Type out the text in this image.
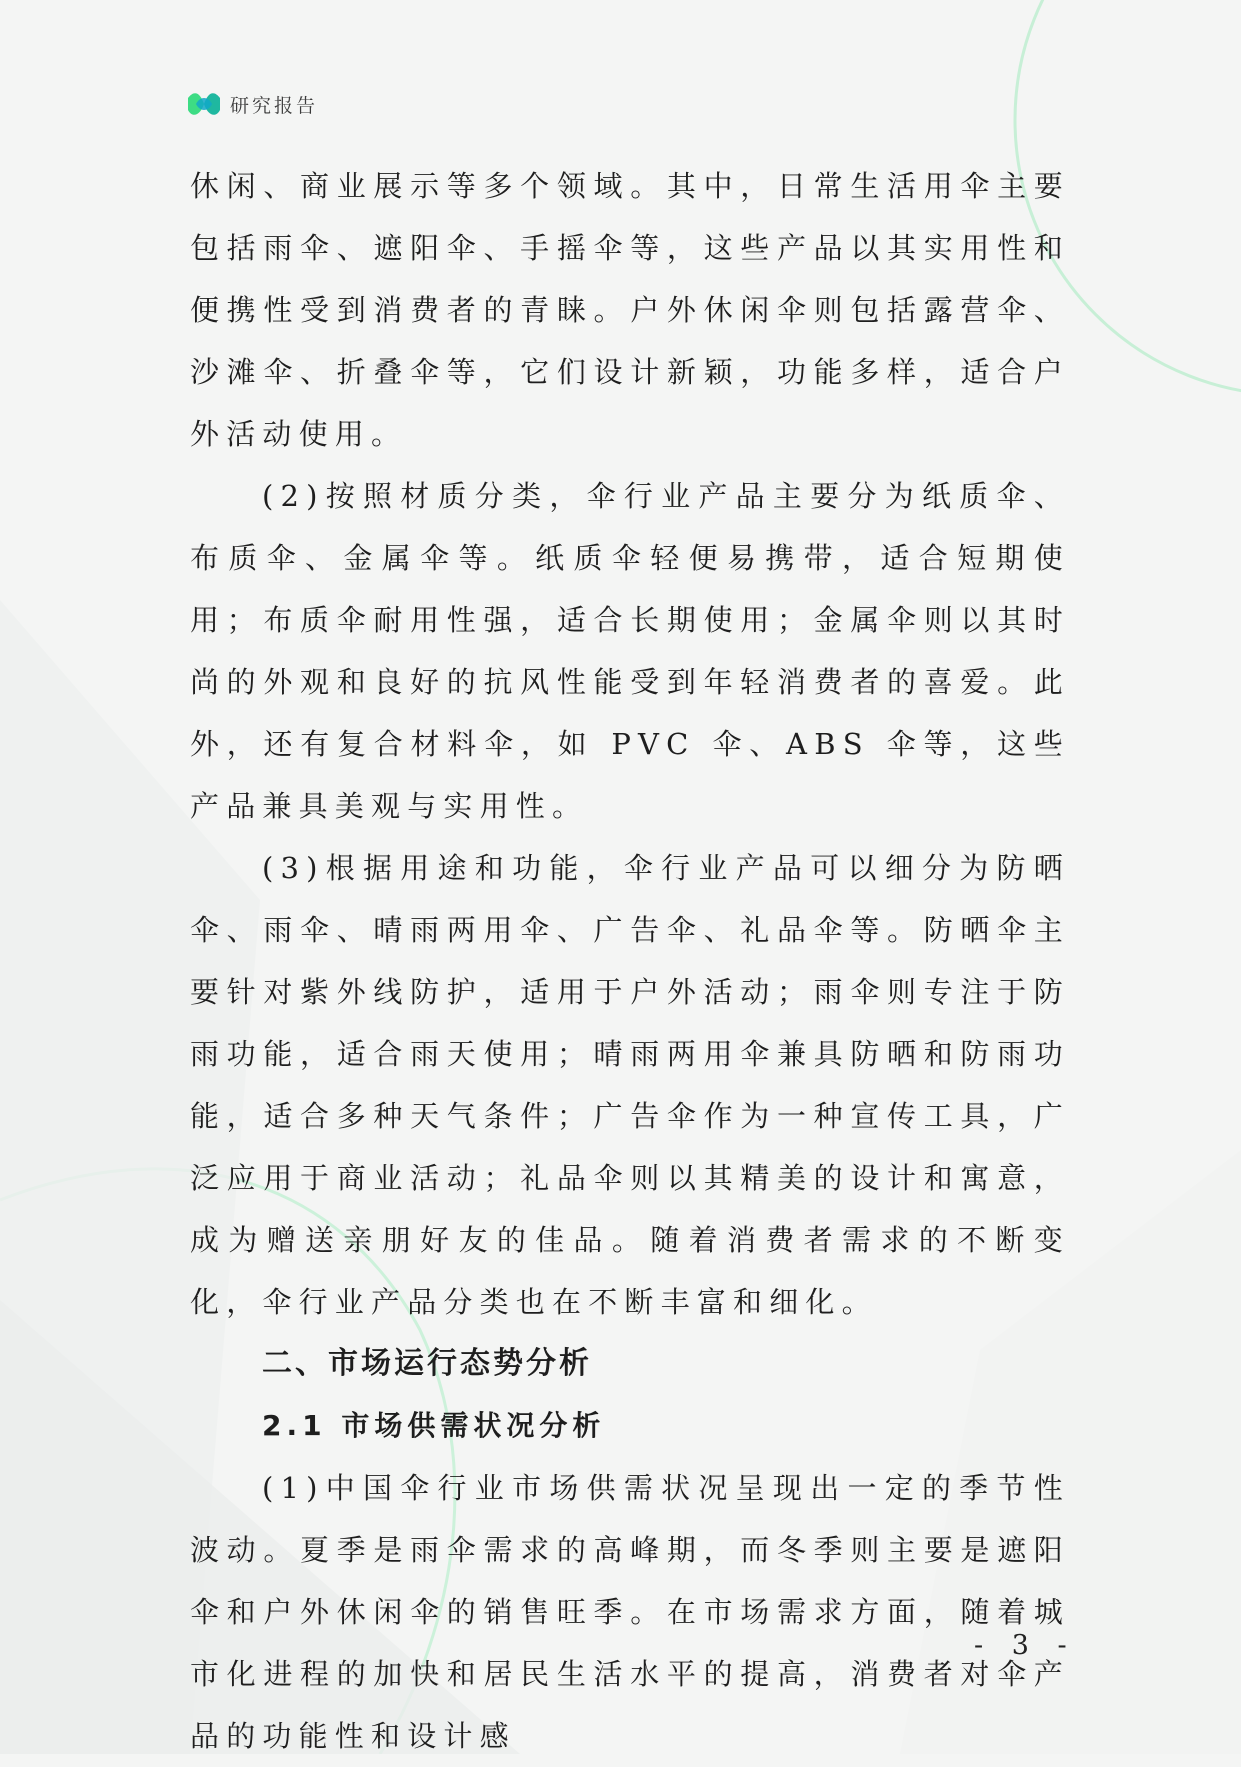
研究报告

休闲、商业展示等多个领域。其中，日常生活用伞主要包括雨伞、遮阳伞、手摇伞等，这些产品以其实用性和便携性受到消费者的青睐。户外休闲伞则包括露营伞、沙滩伞、折叠伞等，它们设计新颖，功能多样，适合户外活动使用。

(2)按照材质分类，伞行业产品主要分为纸质伞、布质伞、金属伞等。纸质伞轻便易携带，适合短期使用；布质伞耐用性强，适合长期使用；金属伞则以其时尚的外观和良好的抗风性能受到年轻消费者的喜爱。此外，还有复合材料伞，如 PVC 伞、ABS 伞等，这些产品兼具美观与实用性。

(3)根据用途和功能，伞行业产品可以细分为防晒伞、雨伞、晴雨两用伞、广告伞、礼品伞等。防晒伞主要针对紫外线防护，适用于户外活动；雨伞则专注于防雨功能，适合雨天使用；晴雨两用伞兼具防晒和防雨功能，适合多种天气条件；广告伞作为一种宣传工具，广泛应用于商业活动；礼品伞则以其精美的设计和寓意，成为赠送亲朋好友的佳品。随着消费者需求的不断变化，伞行业产品分类也在不断丰富和细化。

二、市场运行态势分析
2.1 市场供需状况分析

(1)中国伞行业市场供需状况呈现出一定的季节性波动。夏季是雨伞需求的高峰期，而冬季则主要是遮阳伞和户外休闲伞的销售旺季。在市场需求方面，随着城市化进程的加快和居民生活水平的提高，消费者对伞产品的功能性和设计感

- 3 -
